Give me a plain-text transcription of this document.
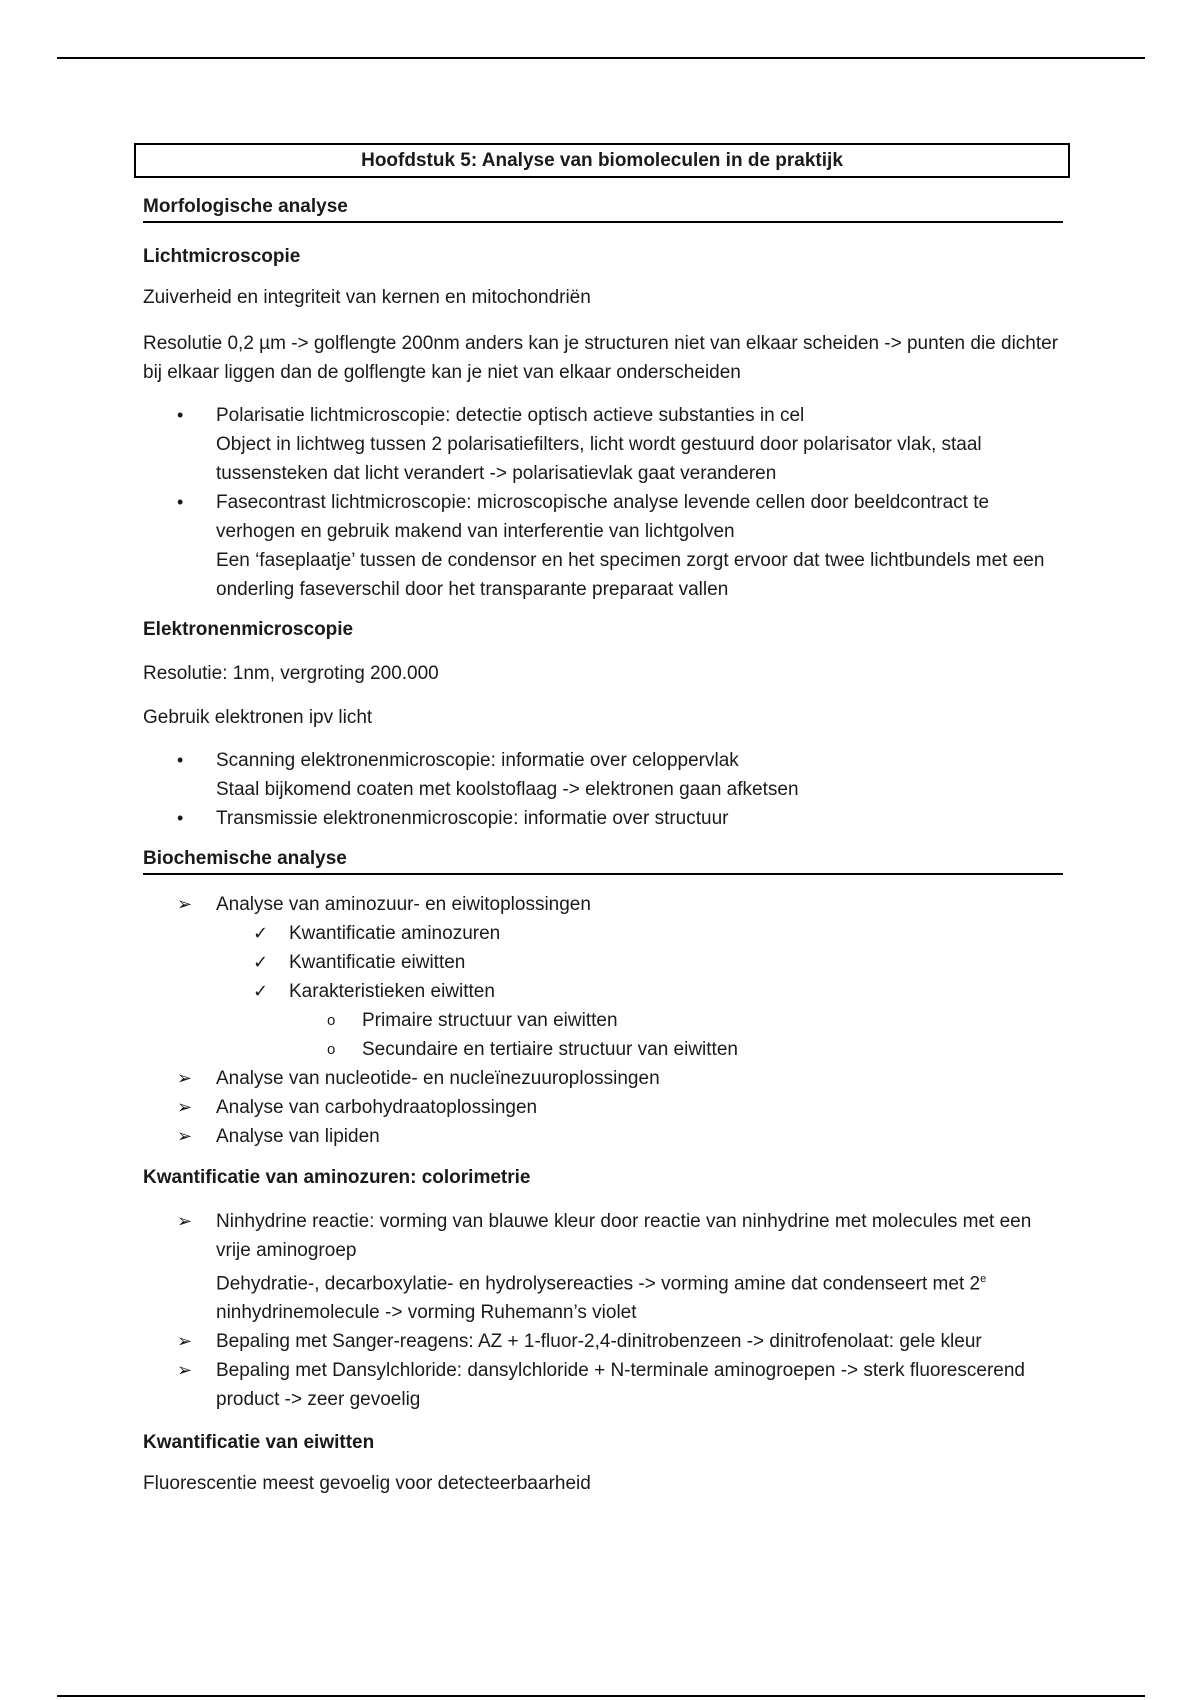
Hoofdstuk 5: Analyse van biomoleculen in de praktijk
Morfologische analyse
Lichtmicroscopie

Zuiverheid en integriteit van kernen en mitochondriën

Resolutie 0,2 µm -> golflengte 200nm anders kan je structuren niet van elkaar scheiden -> punten die dichter bij elkaar liggen dan de golflengte kan je niet van elkaar onderscheiden

• Polarisatie lichtmicroscopie: detectie optisch actieve substanties in cel
Object in lichtweg tussen 2 polarisatiefilters, licht wordt gestuurd door polarisator vlak, staal tussensteken dat licht verandert -> polarisatievlak gaat veranderen
• Fasecontrast lichtmicroscopie: microscopische analyse levende cellen door beeldcontract te verhogen en gebruik makend van interferentie van lichtgolven
Een ‘faseplaatje’ tussen de condensor en het specimen zorgt ervoor dat twee lichtbundels met een onderling faseverschil door het transparante preparaat vallen
Elektronenmicroscopie

Resolutie: 1nm, vergroting 200.000

Gebruik elektronen ipv licht

• Scanning elektronenmicroscopie: informatie over celoppervlak
Staal bijkomend coaten met koolstoflaag -> elektronen gaan afketsen
• Transmissie elektronenmicroscopie: informatie over structuur
Biochemische analyse
➢ Analyse van aminozuur- en eiwitoplossingen
✓ Kwantificatie aminozuren
✓ Kwantificatie eiwitten
✓ Karakteristieken eiwitten
o Primaire structuur van eiwitten
o Secundaire en tertiaire structuur van eiwitten
➢ Analyse van nucleotide- en nucleïnezuuroplossingen
➢ Analyse van carbohydraatoplossingen
➢ Analyse van lipiden
Kwantificatie van aminozuren: colorimetrie
➢ Ninhydrine reactie: vorming van blauwe kleur door reactie van ninhydrine met molecules met een vrije aminogroep
Dehydratie-, decarboxylatie- en hydrolysereacties -> vorming amine dat condenseert met 2e ninhydrinemolecule -> vorming Ruhemann’s violet
➢ Bepaling met Sanger-reagens: AZ + 1-fluor-2,4-dinitrobenzeen -> dinitrofenolaat: gele kleur
➢ Bepaling met Dansylchloride: dansylchloride + N-terminale aminogroepen -> sterk fluorescerend product -> zeer gevoelig
Kwantificatie van eiwitten

Fluorescentie meest gevoelig voor detecteerbaarheid
